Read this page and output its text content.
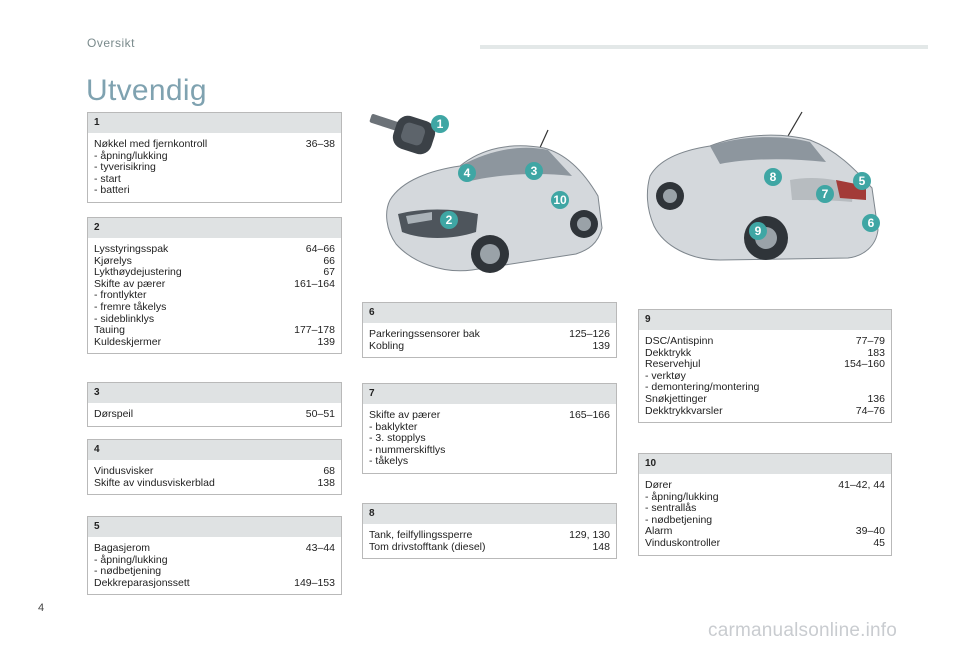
Oversikt
Utvendig
1
4	3
10
2
8
7
5
9
6
1
Nøkkel med fjernkontroll	36–38
- åpning/lukking
- tyverisikring
- start
- batteri
2
Lysstyringsspak	64–66
Kjørelys	66
Lykthøydejustering	67
Skifte av pærer	161–164
- frontlykter
- fremre tåkelys
- sideblinklys
Tauing	177–178
Kuldeskjermer	139
3
Dørspeil	50–51
4
Vindusvisker	68
Skifte av vindusviskerblad	138
5
Bagasjerom	43–44
- åpning/lukking
- nødbetjening
Dekkreparasjonssett	149–153
6
Parkeringssensorer bak	125–126
Kobling	139
7
Skifte av pærer	165–166
- baklykter
- 3. stopplys
- nummerskiftlys
- tåkelys
8
Tank, feilfyllingssperre	129, 130
Tom drivstofftank (diesel)	148
9
DSC/Antispinn	77–79
Dekktrykk	183
Reservehjul	154–160
- verktøy
- demontering/montering
Snøkjettinger	136
Dekktrykkvarsler	74–76
10
Dører	41–42, 44
- åpning/lukking
- sentrallås
- nødbetjening
Alarm	39–40
Vinduskontroller	45
4
carmanualsonline.info
